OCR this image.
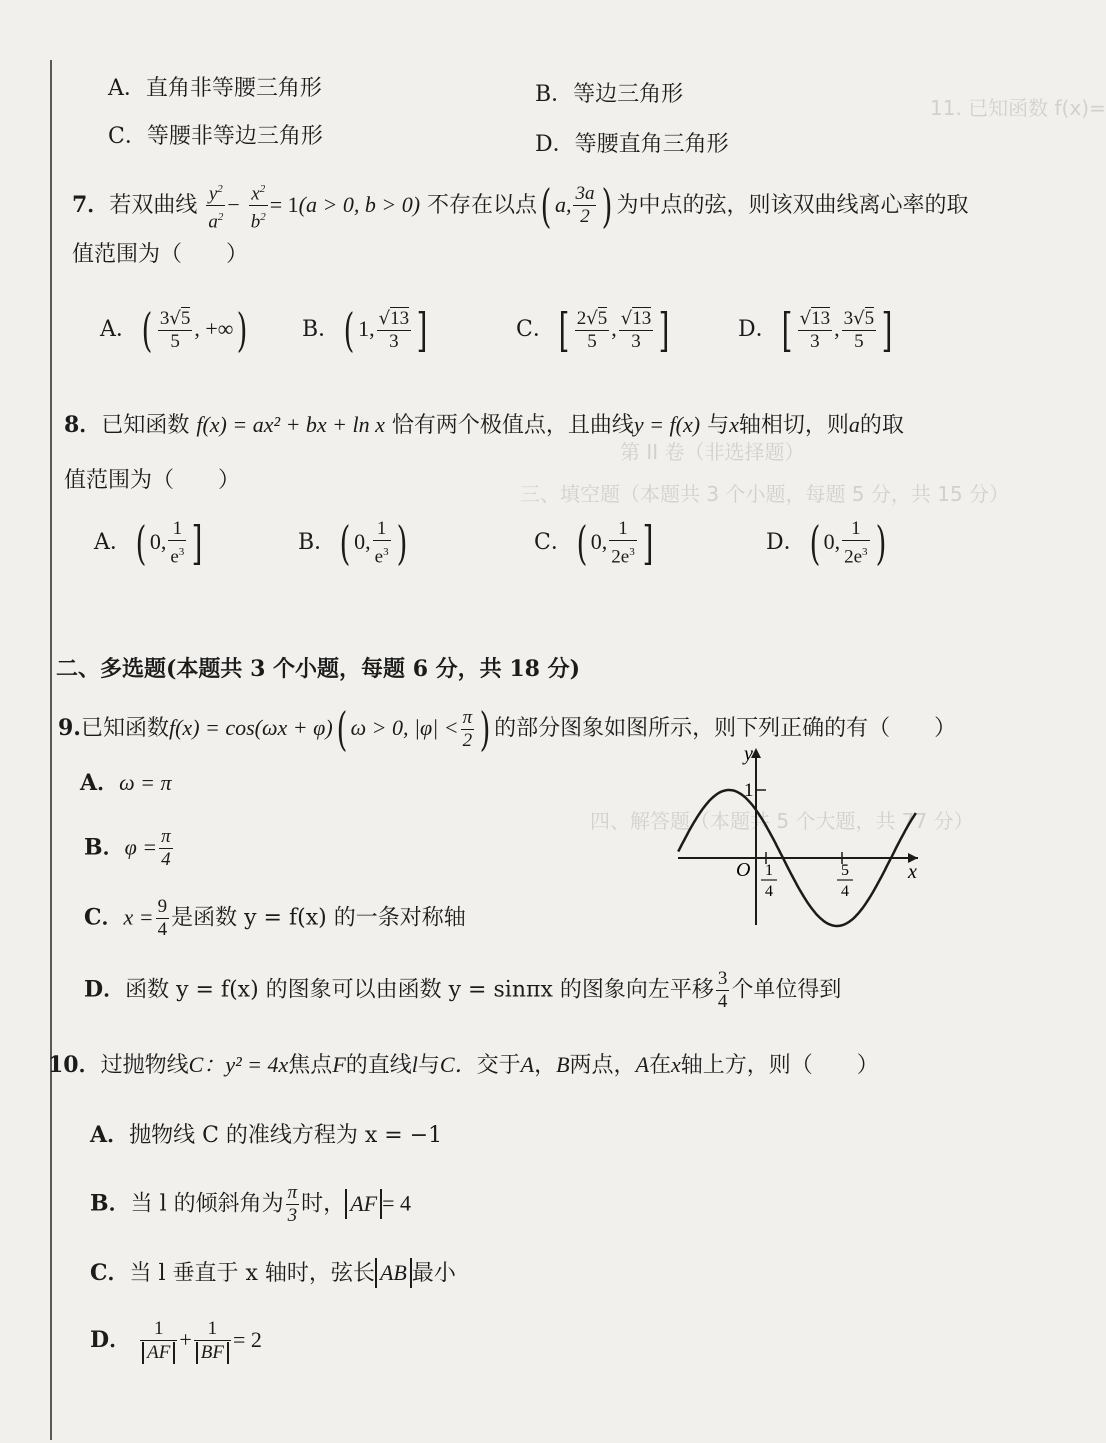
11. 已知函数 f(x)=
第 II 卷（非选择题）
三、填空题（本题共 3 个小题，每题 5 分，共 15 分）
四、解答题（本题共 5 个大题，共 77 分）
A．直角非等腰三角形	B．等边三角形
C．等腰非等边三角形	D．等腰直角三角形
7．若双曲线 $\frac{y^2}{a^2} - \frac{x^2}{b^2} = 1(a > 0$, b > 0) 不存在以点( a, $\frac{3a}{2}$ ) 为中点的弦，则该双曲线离心率的取
值范围为（　　）
A．( $\frac{3√5}{5}$ , +∞) B．( 1, $\frac{√13}{3}$ ]	C．[ $\frac{2√5}{5}$ , $\frac{√13}{3}$ ]	D．[ $\frac{√13}{3}$ , $\frac{3√5}{5}$ ]
8．已知函数 f(x) = ax² + bx + ln x 恰有两个极值点，且曲线y = f(x) 与x轴相切，则a的取
值范围为（　　）
A．( 0, $\frac{1}{e^3}$ ]	B．( 0, $\frac{1}{e^3}$ )	C．( 0, $\frac{1}{2e^3}$ ]	D．( 0, $\frac{1}{2e^3}$ )
二、多选题(本题共 3 个小题，每题 6 分，共 18 分)
9.已知函数f(x) = cos(ωx + φ)( ω > 0, $|\varphi| < \frac{\pi}{2}$ ) 的部分图象如图所示，则下列正确的有（　　）
A．ω = π
B．$\varphi = \frac{\pi}{4}$
C．$x = \frac{9}{4}$ 是函数 y = f(x) 的一条对称轴
D．函数 y = f(x) 的图象可以由函数 y = sinπx 的图象向左平移 $\frac{3}{4}$ 个单位得到
y
x
O
1
1
4
5
4
10．过抛物线C：y² = 4x焦点F的直线l与C．交于A，B两点，A在x轴上方，则（　　）
A．抛物线 C 的准线方程为 x = −1
B．当 l 的倾斜角为 $\frac{\pi}{3}$ 时， AF = 4
C．当 l 垂直于 x 轴时，弦长 AB 最小
D． $\frac{1}{AF} + \frac{1}{BF} = 2$
